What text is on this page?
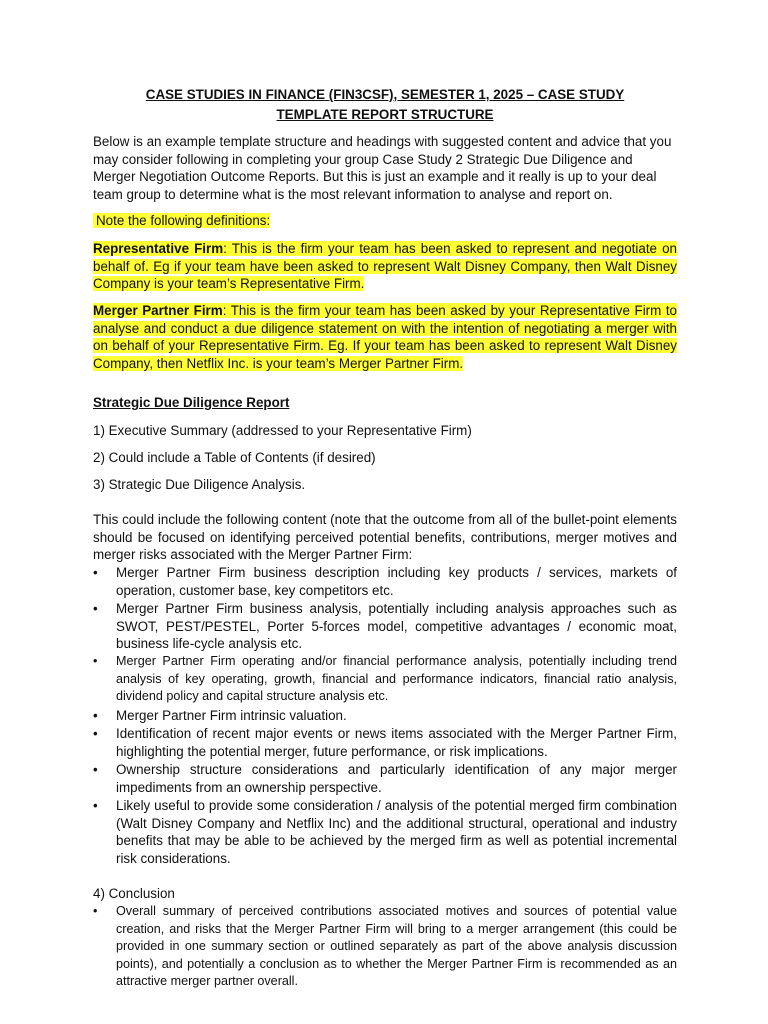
CASE STUDIES IN FINANCE (FIN3CSF), SEMESTER 1, 2025 – CASE STUDY
TEMPLATE REPORT STRUCTURE
Below is an example template structure and headings with suggested content and advice that you may consider following in completing your group Case Study 2 Strategic Due Diligence and Merger Negotiation Outcome Reports. But this is just an example and it really is up to your deal team group to determine what is the most relevant information to analyse and report on.
Note the following definitions:
Representative Firm: This is the firm your team has been asked to represent and negotiate on behalf of. Eg if your team have been asked to represent Walt Disney Company, then Walt Disney Company is your team’s Representative Firm.
Merger Partner Firm: This is the firm your team has been asked by your Representative Firm to analyse and conduct a due diligence statement on with the intention of negotiating a merger with on behalf of your Representative Firm. Eg. If your team has been asked to represent Walt Disney Company, then Netflix Inc. is your team’s Merger Partner Firm.
Strategic Due Diligence Report
1) Executive Summary (addressed to your Representative Firm)
2) Could include a Table of Contents (if desired)
3) Strategic Due Diligence Analysis.
This could include the following content (note that the outcome from all of the bullet-point elements should be focused on identifying perceived potential benefits, contributions, merger motives and merger risks associated with the Merger Partner Firm:
•	Merger Partner Firm business description including key products / services, markets of operation, customer base, key competitors etc.
•	Merger Partner Firm business analysis, potentially including analysis approaches such as SWOT, PEST/PESTEL, Porter 5-forces model, competitive advantages / economic moat, business life-cycle analysis etc.
•	Merger Partner Firm operating and/or financial performance analysis, potentially including trend analysis of key operating, growth, financial and performance indicators, financial ratio analysis, dividend policy and capital structure analysis etc.
•	Merger Partner Firm intrinsic valuation.
•	Identification of recent major events or news items associated with the Merger Partner Firm, highlighting the potential merger, future performance, or risk implications.
•	Ownership structure considerations and particularly identification of any major merger impediments from an ownership perspective.
•	Likely useful to provide some consideration / analysis of the potential merged firm combination (Walt Disney Company and Netflix Inc) and the additional structural, operational and industry benefits that may be able to be achieved by the merged firm as well as potential incremental risk considerations.
4) Conclusion
•	Overall summary of perceived contributions associated motives and sources of potential value creation, and risks that the Merger Partner Firm will bring to a merger arrangement (this could be provided in one summary section or outlined separately as part of the above analysis discussion points), and potentially a conclusion as to whether the Merger Partner Firm is recommended as an attractive merger partner overall.
